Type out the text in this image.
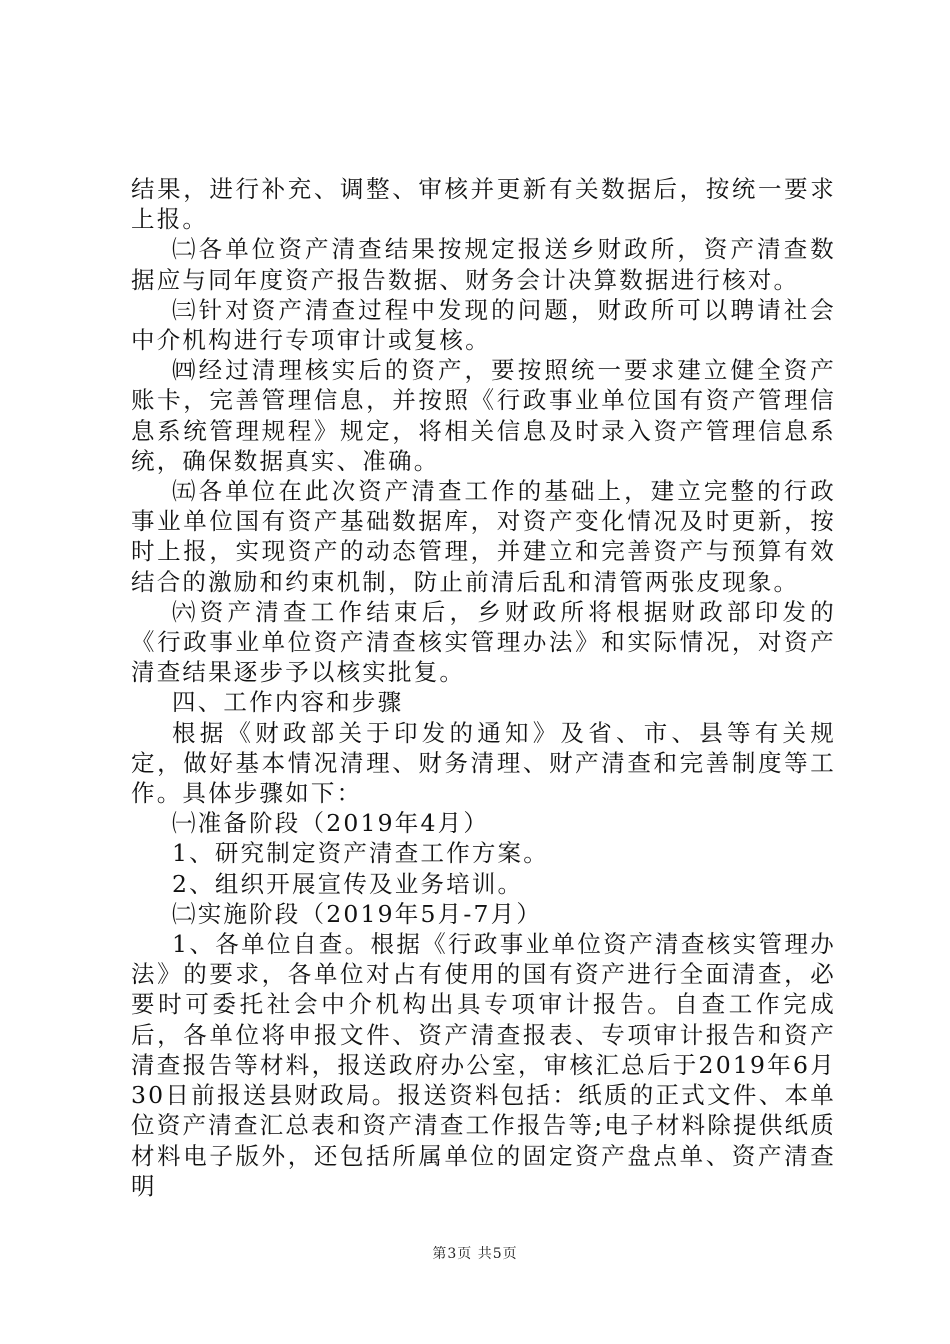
结果，进行补充、调整、审核并更新有关数据后，按统一要求上报。

㈡各单位资产清查结果按规定报送乡财政所，资产清查数据应与同年度资产报告数据、财务会计决算数据进行核对。

㈢针对资产清查过程中发现的问题，财政所可以聘请社会中介机构进行专项审计或复核。

㈣经过清理核实后的资产，要按照统一要求建立健全资产账卡，完善管理信息，并按照《行政事业单位国有资产管理信息系统管理规程》规定，将相关信息及时录入资产管理信息系统，确保数据真实、准确。

㈤各单位在此次资产清查工作的基础上，建立完整的行政事业单位国有资产基础数据库，对资产变化情况及时更新，按时上报，实现资产的动态管理，并建立和完善资产与预算有效结合的激励和约束机制，防止前清后乱和清管两张皮现象。

㈥资产清查工作结束后，乡财政所将根据财政部印发的《行政事业单位资产清查核实管理办法》和实际情况，对资产清查结果逐步予以核实批复。

四、工作内容和步骤

根据《财政部关于印发的通知》及省、市、县等有关规定，做好基本情况清理、财务清理、财产清查和完善制度等工作。具体步骤如下：

㈠准备阶段（2019年4月）

1、研究制定资产清查工作方案。

2、组织开展宣传及业务培训。

㈡实施阶段（2019年5月-7月）

1、各单位自查。根据《行政事业单位资产清查核实管理办法》的要求，各单位对占有使用的国有资产进行全面清查，必要时可委托社会中介机构出具专项审计报告。自查工作完成后，各单位将申报文件、资产清查报表、专项审计报告和资产清查报告等材料，报送政府办公室，审核汇总后于2019年6月30日前报送县财政局。报送资料包括：纸质的正式文件、本单位资产清查汇总表和资产清查工作报告等;电子材料除提供纸质材料电子版外，还包括所属单位的固定资产盘点单、资产清查明

第3页 共5页
